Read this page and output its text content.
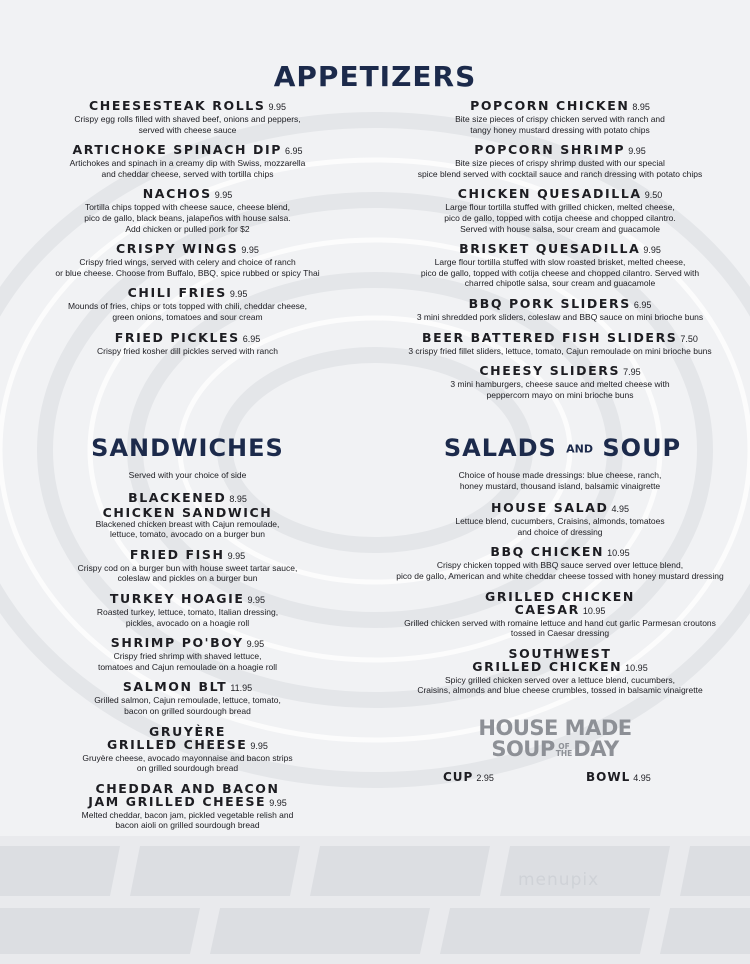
menupix
APPETIZERS
CHEESESTEAK ROLLS 9.95
Crispy egg rolls filled with shaved beef, onions and peppers,
served with cheese sauce
ARTICHOKE SPINACH DIP 6.95
Artichokes and spinach in a creamy dip with Swiss, mozzarella
and cheddar cheese, served with tortilla chips
NACHOS 9.95
Tortilla chips topped with cheese sauce, cheese blend,
pico de gallo, black beans, jalapeños with house salsa.
Add chicken or pulled pork for $2
CRISPY WINGS 9.95
Crispy fried wings, served with celery and choice of ranch
or blue cheese. Choose from Buffalo, BBQ, spice rubbed or spicy Thai
CHILI FRIES 9.95
Mounds of fries, chips or tots topped with chili, cheddar cheese,
green onions, tomatoes and sour cream
FRIED PICKLES 6.95
Crispy fried kosher dill pickles served with ranch
POPCORN CHICKEN 8.95
Bite size pieces of crispy chicken served with ranch and
tangy honey mustard dressing with potato chips
POPCORN SHRIMP 9.95
Bite size pieces of crispy shrimp dusted with our special
spice blend served with cocktail sauce and ranch dressing with potato chips
CHICKEN QUESADILLA 9.50
Large flour tortilla stuffed with grilled chicken, melted cheese,
pico de gallo, topped with cotija cheese and chopped cilantro.
Served with house salsa, sour cream and guacamole
BRISKET QUESADILLA 9.95
Large flour tortilla stuffed with slow roasted brisket, melted cheese,
pico de gallo, topped with cotija cheese and chopped cilantro. Served with
charred chipotle salsa, sour cream and guacamole
BBQ PORK SLIDERS 6.95
3 mini shredded pork sliders, coleslaw and BBQ sauce on mini brioche buns
BEER BATTERED FISH SLIDERS 7.50
3 crispy fried fillet sliders, lettuce, tomato, Cajun remoulade on mini brioche buns
CHEESY SLIDERS 7.95
3 mini hamburgers, cheese sauce and melted cheese with
peppercorn mayo on mini brioche buns
SANDWICHES
Served with your choice of side
BLACKENED 8.95
CHICKEN SANDWICH
Blackened chicken breast with Cajun remoulade,
lettuce, tomato, avocado on a burger bun
FRIED FISH 9.95
Crispy cod on a burger bun with house sweet tartar sauce,
coleslaw and pickles on a burger bun
TURKEY HOAGIE 9.95
Roasted turkey, lettuce, tomato, Italian dressing,
pickles, avocado on a hoagie roll
SHRIMP PO'BOY 9.95
Crispy fried shrimp with shaved lettuce,
tomatoes and Cajun remoulade on a hoagie roll
SALMON BLT 11.95
Grilled salmon, Cajun remoulade, lettuce, tomato,
bacon on grilled sourdough bread
GRUYÈRE
GRILLED CHEESE 9.95
Gruyère cheese, avocado mayonnaise and bacon strips
on grilled sourdough bread
CHEDDAR AND BACON
JAM GRILLED CHEESE 9.95
Melted cheddar, bacon jam, pickled vegetable relish and
bacon aioli on grilled sourdough bread
SALADS AND SOUP
Choice of house made dressings: blue cheese, ranch,
honey mustard, thousand island, balsamic vinaigrette
HOUSE SALAD 4.95
Lettuce blend, cucumbers, Craisins, almonds, tomatoes
and choice of dressing
BBQ CHICKEN 10.95
Crispy chicken topped with BBQ sauce served over lettuce blend,
pico de gallo, American and white cheddar cheese tossed with honey mustard dressing
GRILLED CHICKEN
CAESAR 10.95
Grilled chicken served with romaine lettuce and hand cut garlic Parmesan croutons
tossed in Caesar dressing
SOUTHWEST
GRILLED CHICKEN 10.95
Spicy grilled chicken served over a lettuce blend, cucumbers,
Craisins, almonds and blue cheese crumbles, tossed in balsamic vinaigrette
HOUSE MADE
SOUP OF
THEDAY
CUP 2.95	BOWL 4.95
